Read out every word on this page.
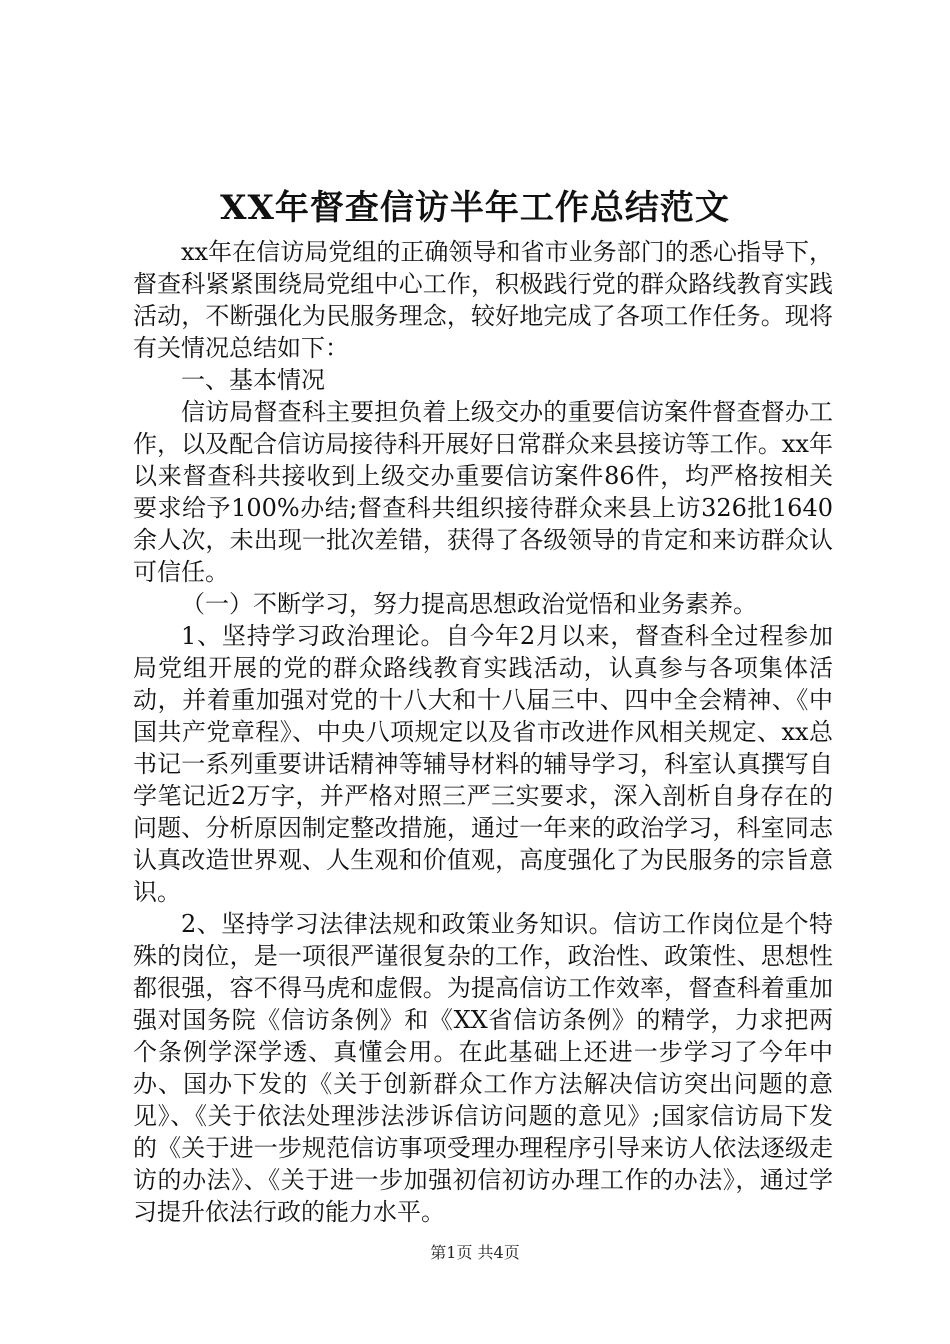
XX年督查信访半年工作总结范文

xx年在信访局党组的正确领导和省市业务部门的悉心指导下，督查科紧紧围绕局党组中心工作，积极践行党的群众路线教育实践活动，不断强化为民服务理念，较好地完成了各项工作任务。现将有关情况总结如下：

一、基本情况

信访局督查科主要担负着上级交办的重要信访案件督查督办工作，以及配合信访局接待科开展好日常群众来县接访等工作。xx年以来督查科共接收到上级交办重要信访案件86件，均严格按相关要求给予100%办结;督查科共组织接待群众来县上访326批1640余人次，未出现一批次差错，获得了各级领导的肯定和来访群众认可信任。

（一）不断学习，努力提高思想政治觉悟和业务素养。

1、坚持学习政治理论。自今年2月以来，督查科全过程参加局党组开展的党的群众路线教育实践活动，认真参与各项集体活动，并着重加强对党的十八大和十八届三中、四中全会精神、《中国共产党章程》、中央八项规定以及省市改进作风相关规定、xx总书记一系列重要讲话精神等辅导材料的辅导学习，科室认真撰写自学笔记近2万字，并严格对照三严三实要求，深入剖析自身存在的问题、分析原因制定整改措施，通过一年来的政治学习，科室同志认真改造世界观、人生观和价值观，高度强化了为民服务的宗旨意识。

2、坚持学习法律法规和政策业务知识。信访工作岗位是个特殊的岗位，是一项很严谨很复杂的工作，政治性、政策性、思想性都很强，容不得马虎和虚假。为提高信访工作效率，督查科着重加强对国务院《信访条例》和《XX省信访条例》的精学，力求把两个条例学深学透、真懂会用。在此基础上还进一步学习了今年中办、国办下发的《关于创新群众工作方法解决信访突出问题的意见》、《关于依法处理涉法涉诉信访问题的意见》;国家信访局下发的《关于进一步规范信访事项受理办理程序引导来访人依法逐级走访的办法》、《关于进一步加强初信初访办理工作的办法》，通过学习提升依法行政的能力水平。

第1页 共4页
